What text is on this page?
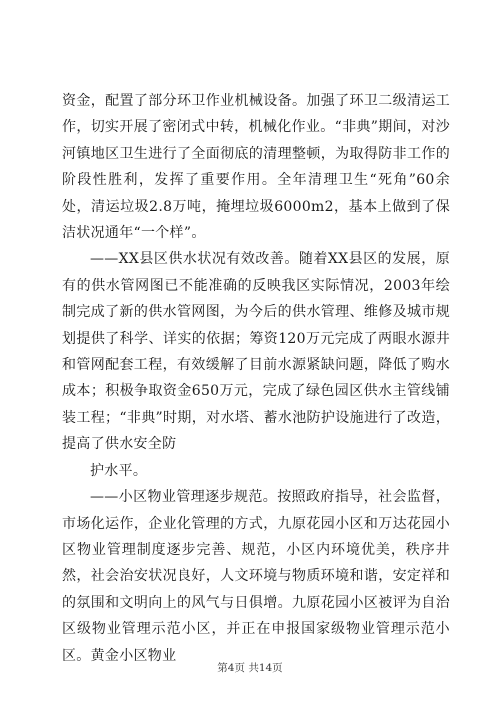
资金，配置了部分环卫作业机械设备。加强了环卫二级清运工作，切实开展了密闭式中转，机械化作业。“非典”期间，对沙河镇地区卫生进行了全面彻底的清理整顿，为取得防非工作的阶段性胜利，发挥了重要作用。全年清理卫生“死角”60余处，清运垃圾2.8万吨，掩埋垃圾6000m2，基本上做到了保洁状况通年“一个样”。

——XX县区供水状况有效改善。随着XX县区的发展，原有的供水管网图已不能准确的反映我区实际情况，2003年绘制完成了新的供水管网图，为今后的供水管理、维修及城市规划提供了科学、详实的依据；筹资120万元完成了两眼水源井和管网配套工程，有效缓解了目前水源紧缺问题，降低了购水成本；积极争取资金650万元，完成了绿色园区供水主管线铺装工程；“非典”时期，对水塔、蓄水池防护设施进行了改造，提高了供水安全防

护水平。

——小区物业管理逐步规范。按照政府指导，社会监督，市场化运作，企业化管理的方式，九原花园小区和万达花园小区物业管理制度逐步完善、规范，小区内环境优美，秩序井然，社会治安状况良好，人文环境与物质环境和谐，安定祥和的氛围和文明向上的风气与日俱增。九原花园小区被评为自治区级物业管理示范小区，并正在申报国家级物业管理示范小区。黄金小区物业

第4页 共14页
